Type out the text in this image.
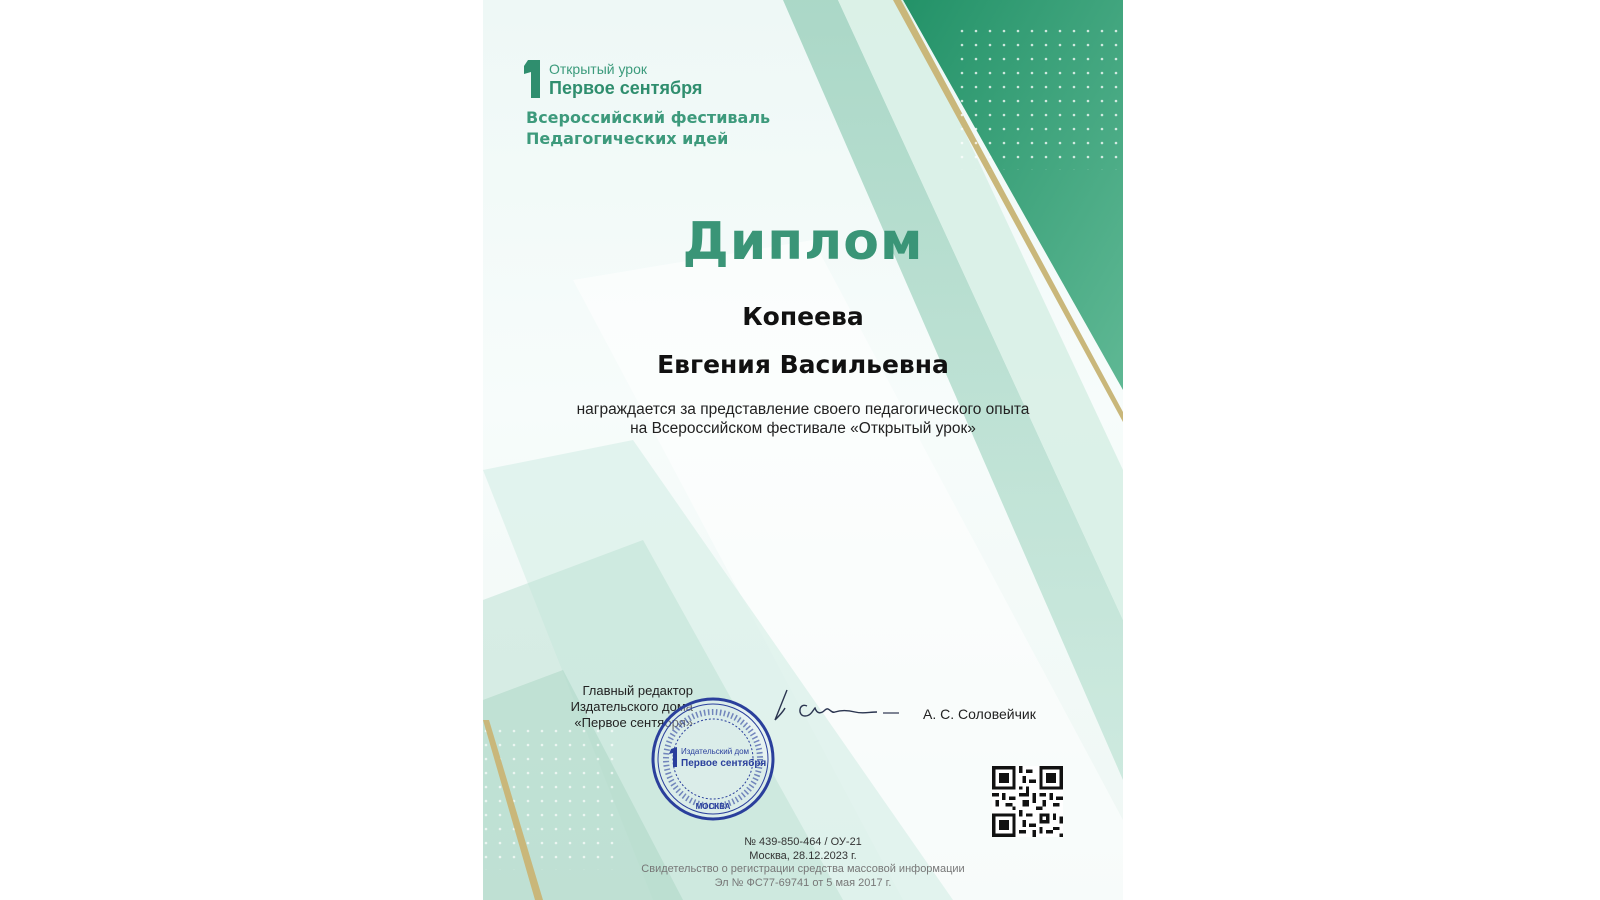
Открытый урок
Первое сентября
Всероссийский фестиваль
Педагогических идей
Диплом
Копеева
Евгения Васильевна
награждается за представление своего педагогического опыта
на Всероссийском фестивале «Открытый урок»
Главный редактор
Издательского дома
«Первое сентября»
А. С. Соловейчик
Издательский дом
Первое сентября
МОСКВА
№ 439-850-464 / ОУ-21
Москва, 28.12.2023 г.
Свидетельство о регистрации средства массовой информации
Эл № ФС77-69741 от 5 мая 2017 г.
